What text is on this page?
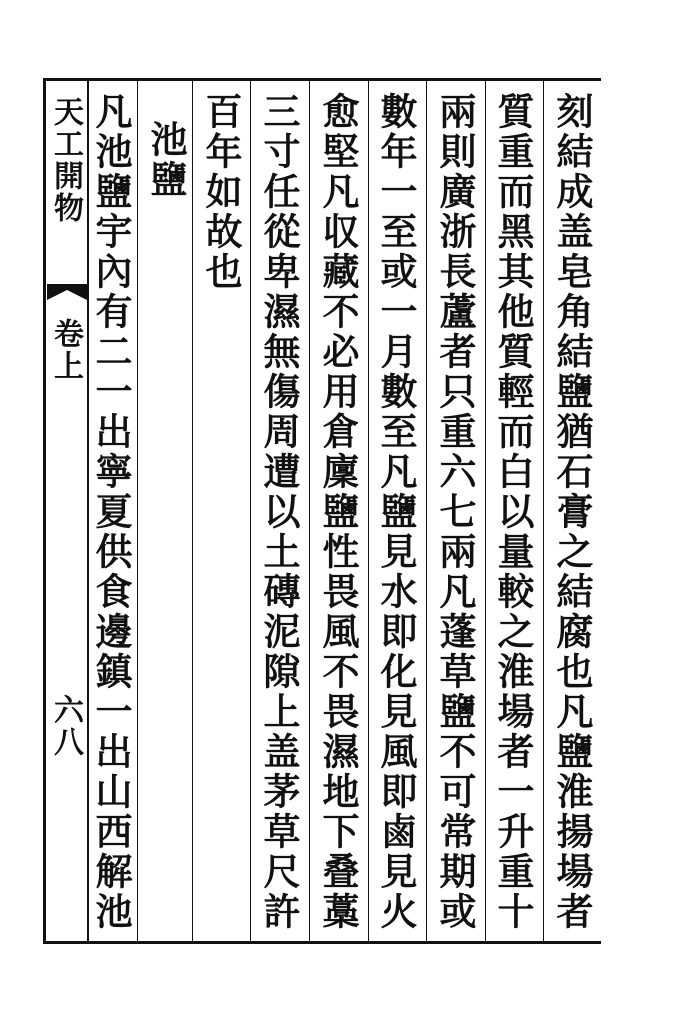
天工開物
卷上
六八	刻結成盖皂角結鹽猶石膏之結腐也凡鹽淮揚場者
質重而黑其他質輕而白以量較之淮場者一升重十
兩則廣浙長蘆者只重六七兩凡蓬草鹽不可常期或
數年一至或一月數至凡鹽見水即化見風即鹵見火
愈堅凡収藏不必用倉廩鹽性畏風不畏濕地下叠藁
三寸任從卑濕無傷周遭以土磚泥隙上盖茅草尺許
百年如故也
池鹽
凡池鹽宇內有二一出寧夏供食邊鎮一出山西解池
